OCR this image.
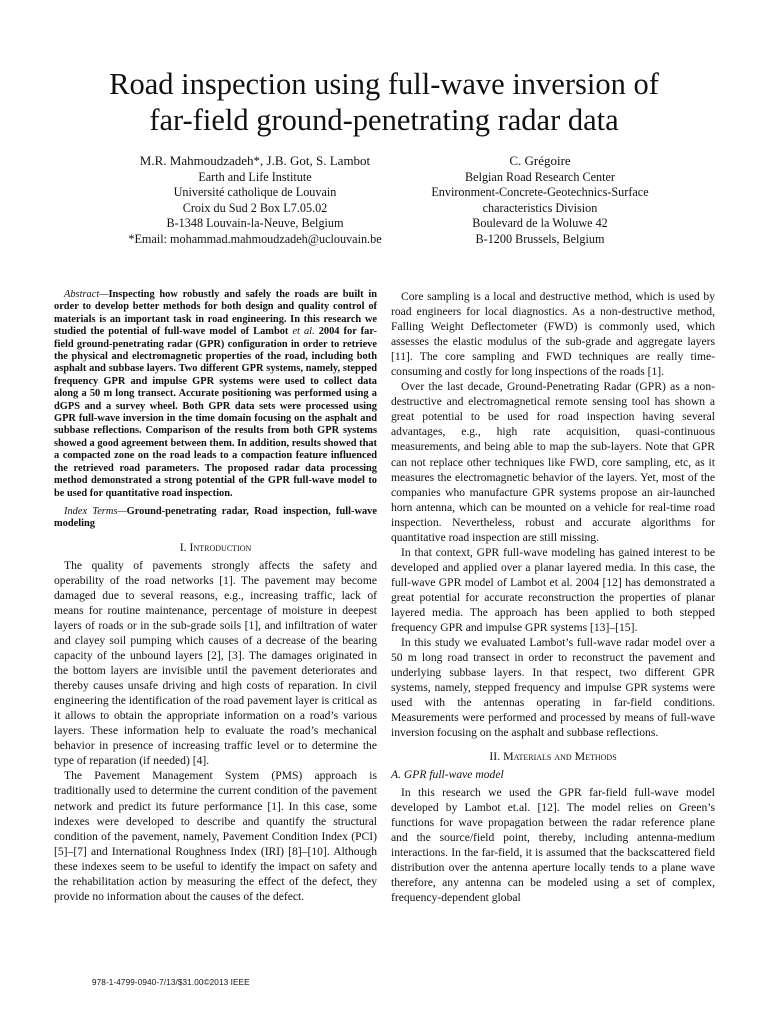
Road inspection using full-wave inversion of
far-field ground-penetrating radar data
M.R. Mahmoudzadeh*, J.B. Got, S. Lambot
Earth and Life Institute
Université catholique de Louvain
Croix du Sud 2 Box L7.05.02
B-1348 Louvain-la-Neuve, Belgium
*Email: mohammad.mahmoudzadeh@uclouvain.be
C. Grégoire
Belgian Road Research Center
Environment-Concrete-Geotechnics-Surface
characteristics Division
Boulevard de la Woluwe 42
B-1200 Brussels, Belgium

Abstract—Inspecting how robustly and safely the roads are built in order to develop better methods for both design and quality control of materials is an important task in road engineering. In this research we studied the potential of full-wave model of Lambot et al. 2004 for far-field ground-penetrating radar (GPR) configuration in order to retrieve the physical and electromagnetic properties of the road, including both asphalt and subbase layers. Two different GPR systems, namely, stepped frequency GPR and impulse GPR systems were used to collect data along a 50 m long transect. Accurate positioning was performed using a dGPS and a survey wheel. Both GPR data sets were processed using GPR full-wave inversion in the time domain focusing on the asphalt and subbase reflections. Comparison of the results from both GPR systems showed a good agreement between them. In addition, results showed that a compacted zone on the road leads to a compaction feature influenced the retrieved road parameters. The proposed radar data processing method demonstrated a strong potential of the GPR full-wave model to be used for quantitative road inspection.

Index Terms—Ground-penetrating radar, Road inspection, full-wave modeling

I. Introduction

The quality of pavements strongly affects the safety and operability of the road networks [1]. The pavement may become damaged due to several reasons, e.g., increasing traffic, lack of means for routine maintenance, percentage of moisture in deepest layers of roads or in the sub-grade soils [1], and infiltration of water and clayey soil pumping which causes of a decrease of the bearing capacity of the unbound layers [2], [3]. The damages originated in the bottom layers are invisible until the pavement deteriorates and thereby causes unsafe driving and high costs of reparation. In civil engineering the identification of the road pavement layer is critical as it allows to obtain the appropriate information on a road’s various layers. These information help to evaluate the road’s mechanical behavior in presence of increasing traffic level or to determine the type of reparation (if needed) [4].

The Pavement Management System (PMS) approach is traditionally used to determine the current condition of the pavement network and predict its future performance [1]. In this case, some indexes were developed to describe and quantify the structural condition of the pavement, namely, Pavement Condition Index (PCI) [5]–[7] and International Roughness Index (IRI) [8]–[10]. Although these indexes seem to be useful to identify the impact on safety and the rehabilitation action by measuring the effect of the defect, they provide no information about the causes of the defect.

Core sampling is a local and destructive method, which is used by road engineers for local diagnostics. As a non-destructive method, Falling Weight Deflectometer (FWD) is commonly used, which assesses the elastic modulus of the sub-grade and aggregate layers [11]. The core sampling and FWD techniques are really time-consuming and costly for long inspections of the roads [1].

Over the last decade, Ground-Penetrating Radar (GPR) as a non-destructive and electromagnetical remote sensing tool has shown a great potential to be used for road inspection having several advantages, e.g., high rate acquisition, quasi-continuous measurements, and being able to map the sub-layers. Note that GPR can not replace other techniques like FWD, core sampling, etc, as it measures the electromagnetic behavior of the layers. Yet, most of the companies who manufacture GPR systems propose an air-launched horn antenna, which can be mounted on a vehicle for real-time road inspection. Nevertheless, robust and accurate algorithms for quantitative road inspection are still missing.

In that context, GPR full-wave modeling has gained interest to be developed and applied over a planar layered media. In this case, the full-wave GPR model of Lambot et al. 2004 [12] has demonstrated a great potential for accurate reconstruction the properties of planar layered media. The approach has been applied to both stepped frequency GPR and impulse GPR systems [13]–[15].

In this study we evaluated Lambot’s full-wave radar model over a 50 m long road transect in order to reconstruct the pavement and underlying subbase layers. In that respect, two different GPR systems, namely, stepped frequency and impulse GPR systems were used with the antennas operating in far-field conditions. Measurements were performed and processed by means of full-wave inversion focusing on the asphalt and subbase reflections.

II. Materials and Methods
A. GPR full-wave model

In this research we used the GPR far-field full-wave model developed by Lambot et.al. [12]. The model relies on Green’s functions for wave propagation between the radar reference plane and the source/field point, thereby, including antenna-medium interactions. In the far-field, it is assumed that the backscattered field distribution over the antenna aperture locally tends to a plane wave therefore, any antenna can be modeled using a set of complex, frequency-dependent global

978-1-4799-0940-7/13/$31.00©2013 IEEE
